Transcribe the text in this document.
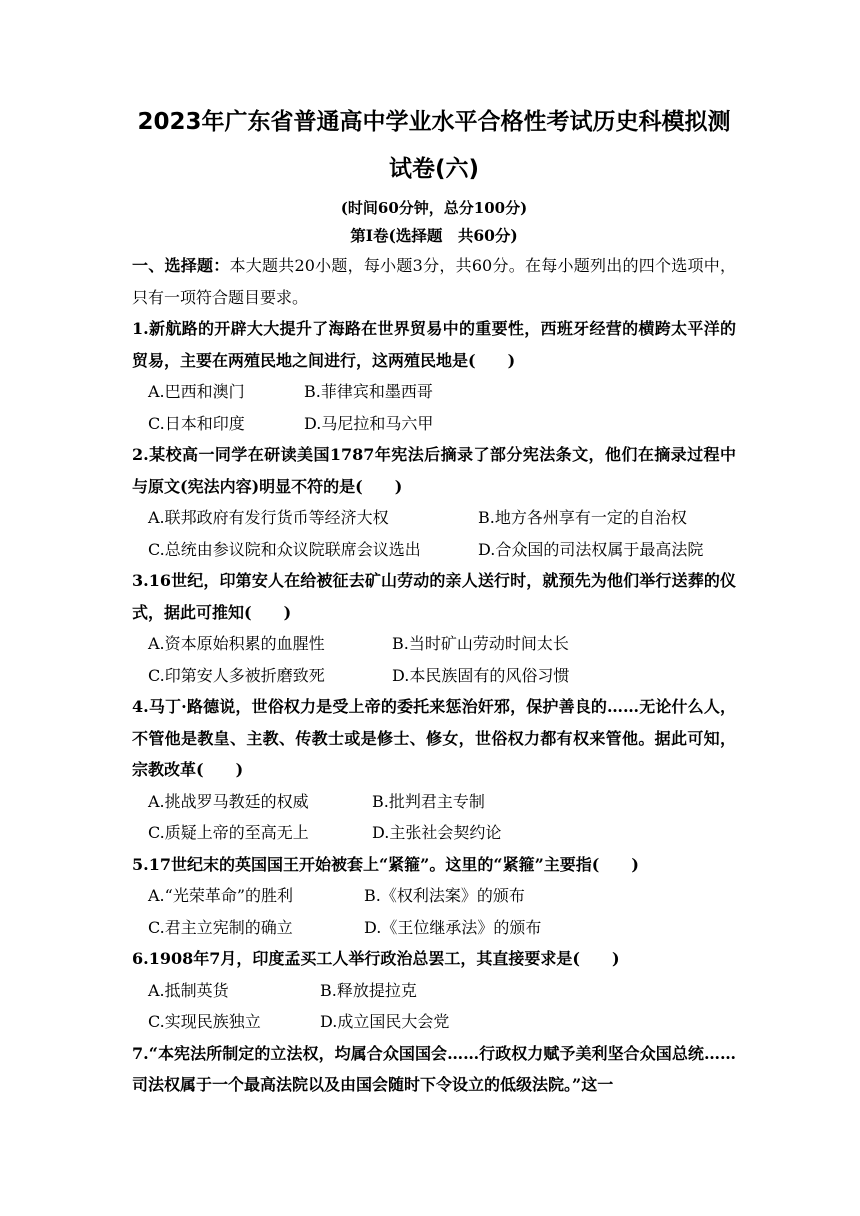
2023年广东省普通高中学业水平合格性考试历史科模拟测
试卷(六)
(时间60分钟，总分100分)
第Ⅰ卷(选择题　共60分)

一、选择题：本大题共20小题，每小题3分，共60分。在每小题列出的四个选项中，只有一项符合题目要求。

1.新航路的开辟大大提升了海路在世界贸易中的重要性，西班牙经营的横跨太平洋的贸易，主要在两殖民地之间进行，这两殖民地是(　　)

A.巴西和澳门	B.菲律宾和墨西哥
C.日本和印度	D.马尼拉和马六甲

2.某校高一同学在研读美国1787年宪法后摘录了部分宪法条文，他们在摘录过程中与原文(宪法内容)明显不符的是(　　)

A.联邦政府有发行货币等经济大权	B.地方各州享有一定的自治权
C.总统由参议院和众议院联席会议选出	D.合众国的司法权属于最高法院

3.16世纪，印第安人在给被征去矿山劳动的亲人送行时，就预先为他们举行送葬的仪式，据此可推知(　　)

A.资本原始积累的血腥性	B.当时矿山劳动时间太长
C.印第安人多被折磨致死	D.本民族固有的风俗习惯

4.马丁·路德说，世俗权力是受上帝的委托来惩治奸邪，保护善良的……无论什么人，不管他是教皇、主教、传教士或是修士、修女，世俗权力都有权来管他。据此可知，宗教改革(　　)

A.挑战罗马教廷的权威	B.批判君主专制
C.质疑上帝的至高无上	D.主张社会契约论

5.17世纪末的英国国王开始被套上“紧箍”。这里的“紧箍”主要指(　　)

A.“光荣革命”的胜利	B.《权利法案》的颁布
C.君主立宪制的确立	D.《王位继承法》的颁布

6.1908年7月，印度孟买工人举行政治总罢工，其直接要求是(　　)

A.抵制英货	B.释放提拉克
C.实现民族独立	D.成立国民大会党

7.“本宪法所制定的立法权，均属合众国国会……行政权力赋予美利坚合众国总统……司法权属于一个最高法院以及由国会随时下令设立的低级法院。”这一
